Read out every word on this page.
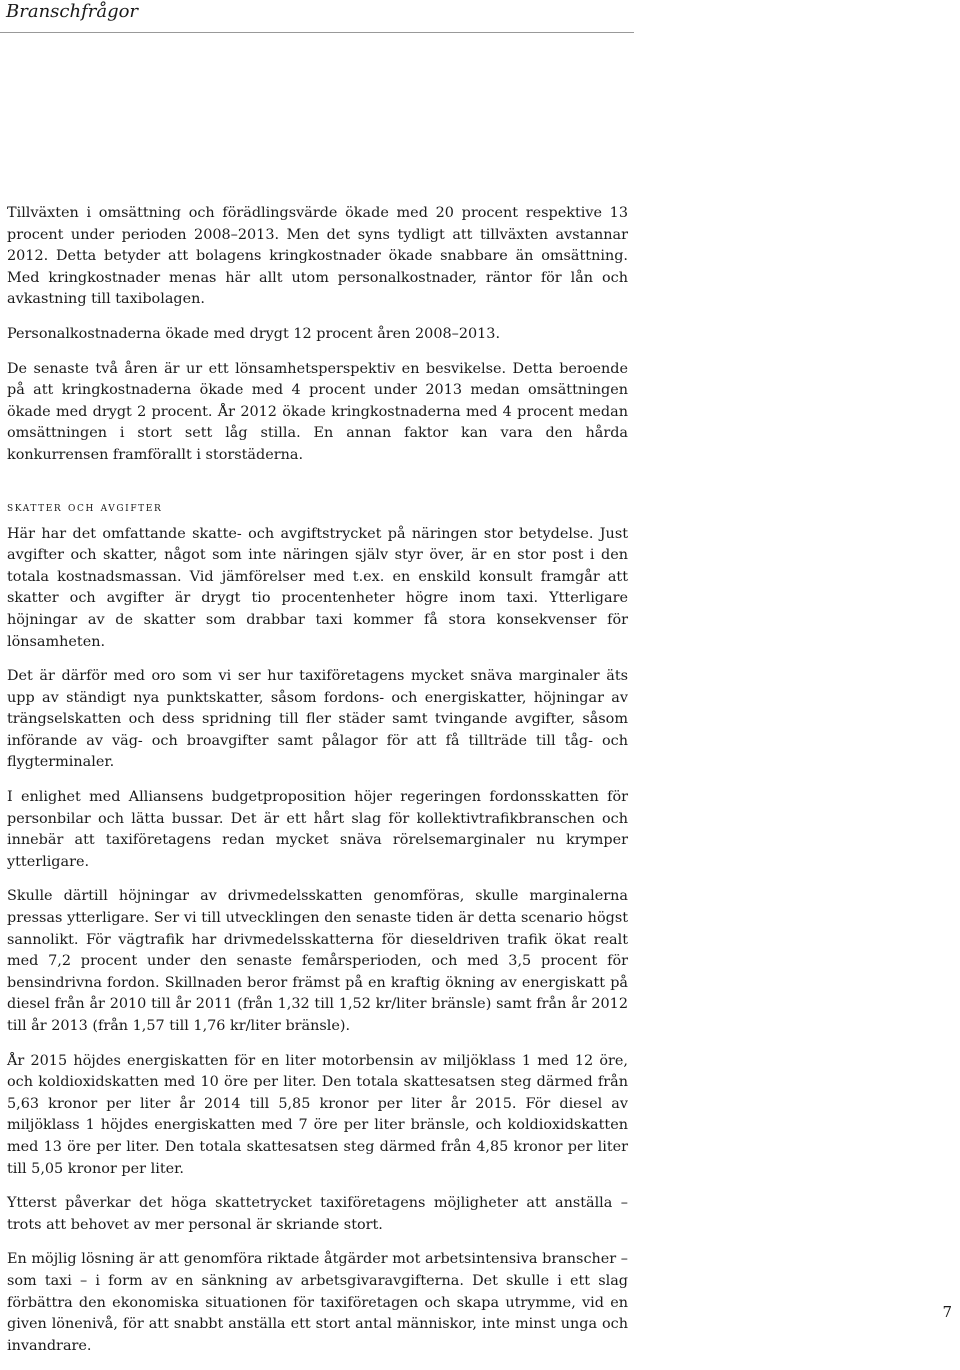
Branschfrågor

Tillväxten i omsättning och förädlingsvärde ökade med 20 procent respektive 13 procent under perioden 2008–2013. Men det syns tydligt att tillväxten avstannar 2012. Detta betyder att bolagens kringkostnader ökade snabbare än omsättning. Med kringkostnader menas här allt utom personalkostnader, räntor för lån och avkastning till taxibolagen.

Personalkostnaderna ökade med drygt 12 procent åren 2008–2013.

De senaste två åren är ur ett lönsamhetsperspektiv en besvikelse. Detta beroende på att kringkostnaderna ökade med 4 procent under 2013 medan omsättningen ökade med drygt 2 procent. År 2012 ökade kringkostnaderna med 4 procent medan omsättningen i stort sett låg stilla. En annan faktor kan vara den hårda konkurrensen framförallt i storstäderna.

skatter och avgifter

Här har det omfattande skatte- och avgiftstrycket på näringen stor betydelse. Just avgifter och skatter, något som inte näringen själv styr över, är en stor post i den totala kostnadsmassan. Vid jämförelser med t.ex. en enskild konsult framgår att skatter och avgifter är drygt tio procentenheter högre inom taxi. Ytterligare höjningar av de skatter som drabbar taxi kommer få stora konsekvenser för lönsamheten.

Det är därför med oro som vi ser hur taxiföretagens mycket snäva marginaler äts upp av ständigt nya punktskatter, såsom fordons- och energiskatter, höjningar av trängselskatten och dess spridning till fler städer samt tvingande avgifter, såsom införande av väg- och broavgifter samt pålagor för att få tillträde till tåg- och flygterminaler.

I enlighet med Alliansens budgetproposition höjer regeringen fordonsskatten för personbilar och lätta bussar. Det är ett hårt slag för kollektivtrafikbranschen och innebär att taxiföretagens redan mycket snäva rörelsemarginaler nu krymper ytterligare.

Skulle därtill höjningar av drivmedelsskatten genomföras, skulle marginalerna pressas ytterligare. Ser vi till utvecklingen den senaste tiden är detta scenario högst sannolikt. För vägtrafik har drivmedelsskatterna för dieseldriven trafik ökat realt med 7,2 procent under den senaste femårsperioden, och med 3,5 procent för bensindrivna fordon. Skillnaden beror främst på en kraftig ökning av energiskatt på diesel från år 2010 till år 2011 (från 1,32 till 1,52 kr/liter bränsle) samt från år 2012 till år 2013 (från 1,57 till 1,76 kr/liter bränsle).

År 2015 höjdes energiskatten för en liter motorbensin av miljöklass 1 med 12 öre, och koldioxidskatten med 10 öre per liter. Den totala skattesatsen steg därmed från 5,63 kronor per liter år 2014 till 5,85 kronor per liter år 2015. För diesel av miljöklass 1 höjdes energiskatten med 7 öre per liter bränsle, och koldioxidskatten med 13 öre per liter. Den totala skattesatsen steg därmed från 4,85 kronor per liter till 5,05 kronor per liter.

Ytterst påverkar det höga skattetrycket taxiföretagens möjligheter att anställa – trots att behovet av mer personal är skriande stort.

En möjlig lösning är att genomföra riktade åtgärder mot arbetsintensiva branscher – som taxi – i form av en sänkning av arbetsgivaravgifterna. Det skulle i ett slag förbättra den ekonomiska situationen för taxiföretagen och skapa utrymme, vid en given lönenivå, för att snabbt anställa ett stort antal människor, inte minst unga och invandrare.

7
